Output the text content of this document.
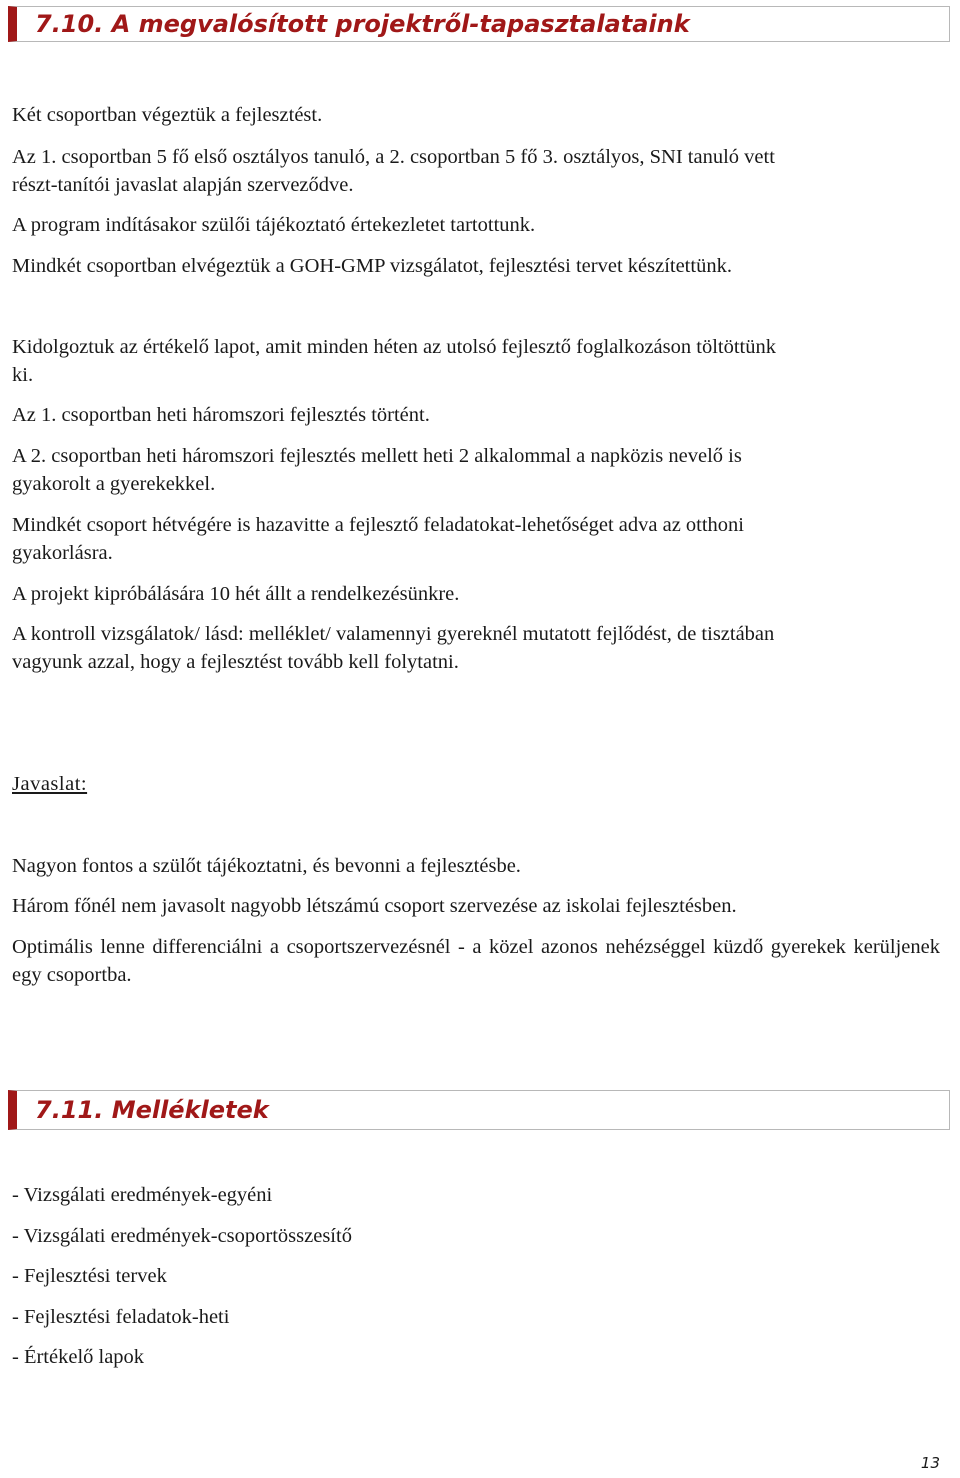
7.10. A megvalósított projektről-tapasztalataink

Két csoportban végeztük a fejlesztést.

Az 1. csoportban 5 fő első osztályos tanuló, a 2. csoportban 5 fő 3. osztályos, SNI tanuló vett

részt-tanítói javaslat alapján szerveződve.

A program indításakor szülői tájékoztató értekezletet tartottunk.

Mindkét csoportban elvégeztük a GOH-GMP vizsgálatot, fejlesztési tervet készítettünk.

Kidolgoztuk az értékelő lapot, amit minden héten az utolsó fejlesztő foglalkozáson töltöttünk

ki.

Az 1. csoportban heti háromszori fejlesztés történt.

A 2. csoportban heti háromszori fejlesztés mellett heti 2 alkalommal a napközis nevelő is

gyakorolt a gyerekekkel.

Mindkét csoport hétvégére is hazavitte a fejlesztő feladatokat-lehetőséget adva az otthoni

gyakorlásra.

A projekt kipróbálására 10 hét állt a rendelkezésünkre.

A kontroll vizsgálatok/ lásd: melléklet/ valamennyi gyereknél mutatott fejlődést, de tisztában

vagyunk azzal, hogy a fejlesztést tovább kell folytatni.

Javaslat:

Nagyon fontos a szülőt tájékoztatni, és bevonni a fejlesztésbe.

Három főnél nem javasolt nagyobb létszámú csoport szervezése az iskolai fejlesztésben.

Optimális lenne differenciálni a csoportszervezésnél - a közel azonos nehézséggel küzdő gyerekek kerüljenek egy csoportba.

7.11. Mellékletek

- Vizsgálati eredmények-egyéni

- Vizsgálati eredmények-csoportösszesítő

- Fejlesztési tervek

- Fejlesztési feladatok-heti

- Értékelő lapok

13
